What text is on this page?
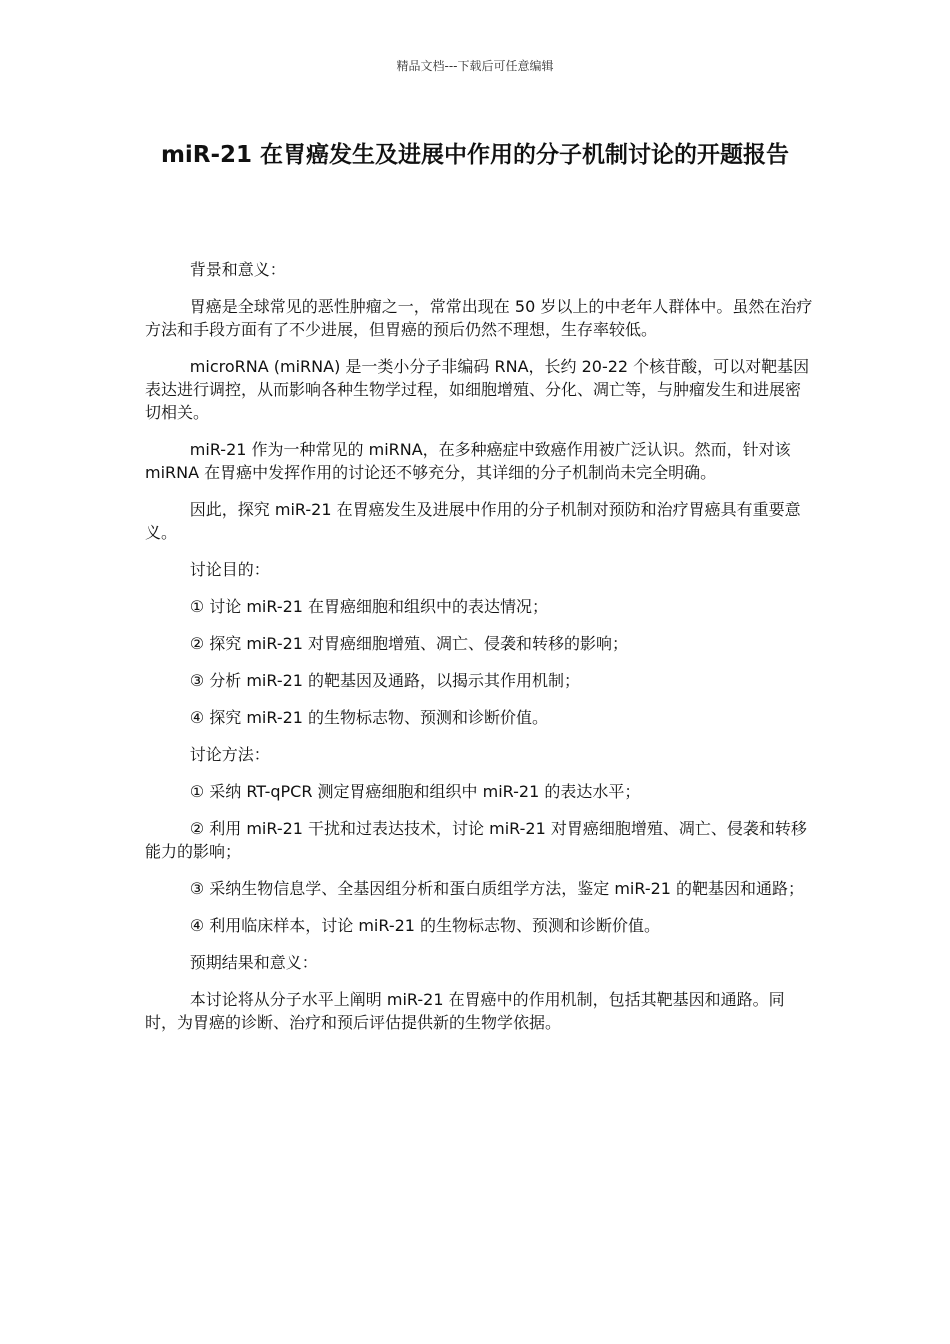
精品文档---下载后可任意编辑
miR-21 在胃癌发生及进展中作用的分子机制讨论的开题报告

背景和意义：

胃癌是全球常见的恶性肿瘤之一，常常出现在 50 岁以上的中老年人群体中。虽然在治疗方法和手段方面有了不少进展，但胃癌的预后仍然不理想，生存率较低。

microRNA (miRNA) 是一类小分子非编码 RNA，长约 20-22 个核苷酸，可以对靶基因表达进行调控，从而影响各种生物学过程，如细胞增殖、分化、凋亡等，与肿瘤发生和进展密切相关。

miR-21 作为一种常见的 miRNA，在多种癌症中致癌作用被广泛认识。然而，针对该 miRNA 在胃癌中发挥作用的讨论还不够充分，其详细的分子机制尚未完全明确。

因此，探究 miR-21 在胃癌发生及进展中作用的分子机制对预防和治疗胃癌具有重要意义。

讨论目的：

① 讨论 miR-21 在胃癌细胞和组织中的表达情况；

② 探究 miR-21 对胃癌细胞增殖、凋亡、侵袭和转移的影响；

③ 分析 miR-21 的靶基因及通路，以揭示其作用机制；

④ 探究 miR-21 的生物标志物、预测和诊断价值。

讨论方法：

① 采纳 RT-qPCR 测定胃癌细胞和组织中 miR-21 的表达水平；

② 利用 miR-21 干扰和过表达技术，讨论 miR-21 对胃癌细胞增殖、凋亡、侵袭和转移能力的影响；

③ 采纳生物信息学、全基因组分析和蛋白质组学方法，鉴定 miR-21 的靶基因和通路；

④ 利用临床样本，讨论 miR-21 的生物标志物、预测和诊断价值。

预期结果和意义：

本讨论将从分子水平上阐明 miR-21 在胃癌中的作用机制，包括其靶基因和通路。同时，为胃癌的诊断、治疗和预后评估提供新的生物学依据。
